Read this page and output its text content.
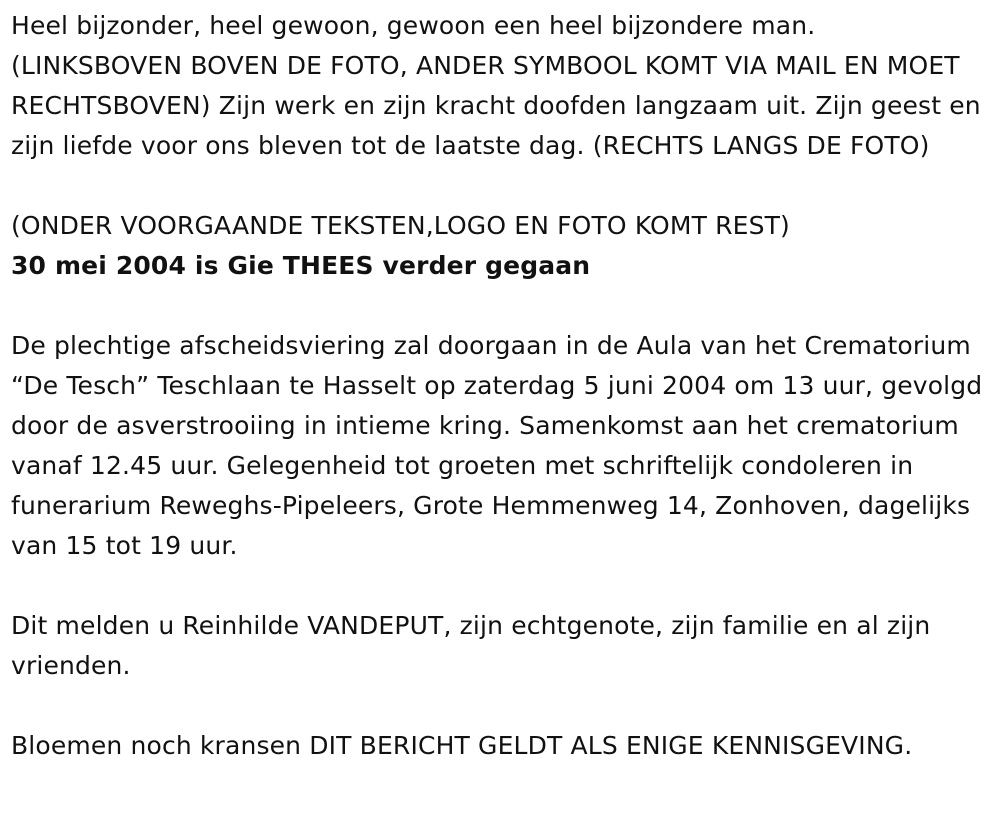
Heel bijzonder, heel gewoon, gewoon een heel bijzondere man. (LINKSBOVEN BOVEN DE FOTO, ANDER SYMBOOL KOMT VIA MAIL EN MOET RECHTSBOVEN) Zijn werk en zijn kracht doofden langzaam uit. Zijn geest en zijn liefde voor ons bleven tot de laatste dag. (RECHTS LANGS DE FOTO)

(ONDER VOORGAANDE TEKSTEN,LOGO EN FOTO KOMT REST)

30 mei 2004 is Gie THEES verder gegaan

De plechtige afscheidsviering zal doorgaan in de Aula van het Crematorium “De Tesch” Teschlaan te Hasselt op zaterdag 5 juni 2004 om 13 uur, gevolgd door de asverstrooiing in intieme kring. Samenkomst aan het crematorium vanaf 12.45 uur. Gelegenheid tot groeten met schriftelijk condoleren in funerarium Reweghs-Pipeleers, Grote Hemmenweg 14, Zonhoven, dagelijks van 15 tot 19 uur.

Dit melden u Reinhilde VANDEPUT, zijn echtgenote, zijn familie en al zijn vrienden.

Bloemen noch kransen DIT BERICHT GELDT ALS ENIGE KENNISGEVING.
